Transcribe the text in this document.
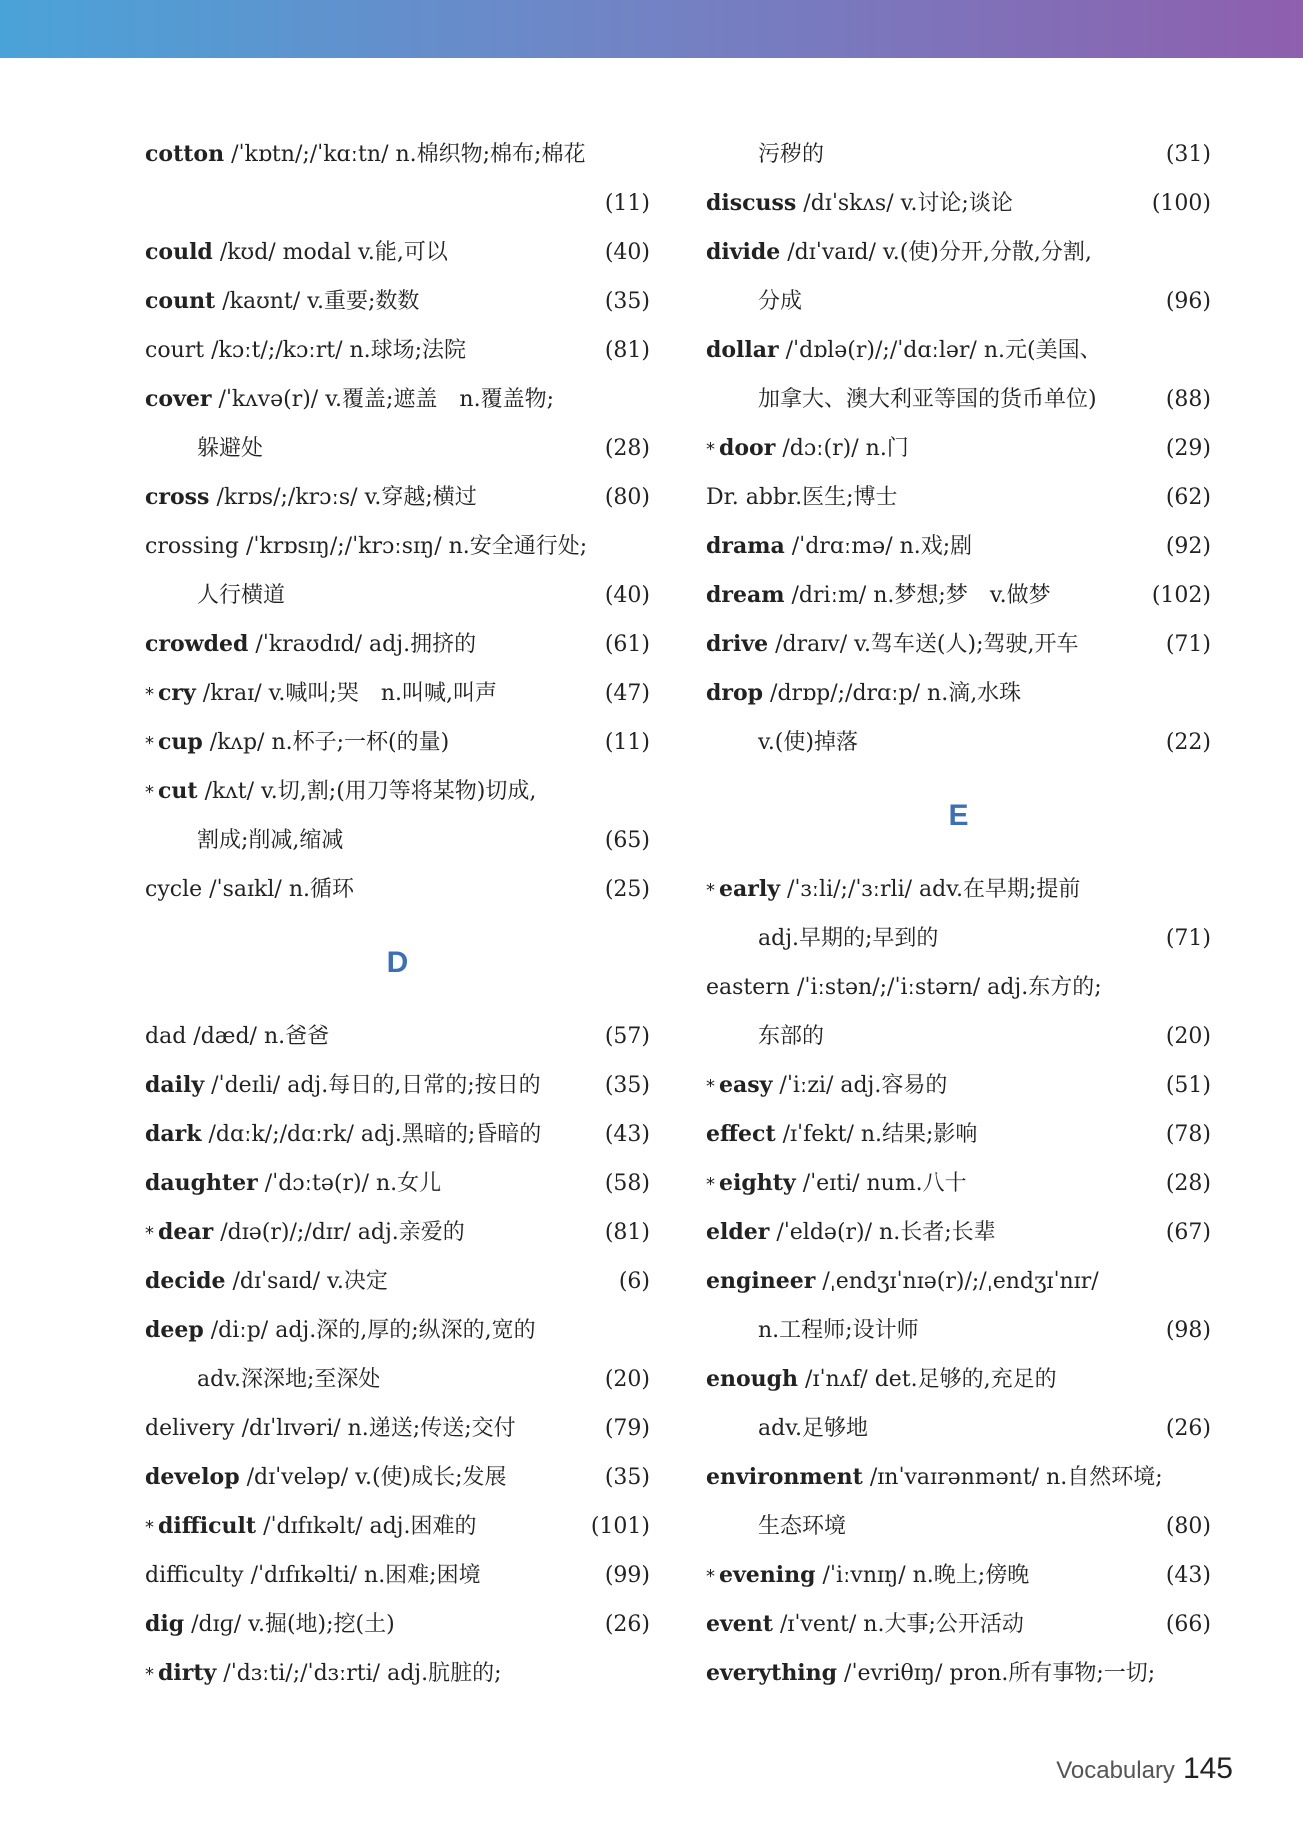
cotton /ˈkɒtn/;/ˈkɑːtn/ n.棉织物;棉布;棉花
(11)
could /kʊd/ modal v.能,可以	(40)
count /kaʊnt/ v.重要;数数	(35)
court /kɔːt/;/kɔːrt/ n.球场;法院	(81)
cover /ˈkʌvə(r)/ v.覆盖;遮盖　n.覆盖物;
躲避处	(28)
cross /krɒs/;/krɔːs/ v.穿越;横过	(80)
crossing /ˈkrɒsɪŋ/;/ˈkrɔːsɪŋ/ n.安全通行处;
人行横道	(40)
crowded /ˈkraʊdɪd/ adj.拥挤的	(61)
* cry /kraɪ/ v.喊叫;哭　n.叫喊,叫声	(47)
* cup /kʌp/ n.杯子;一杯(的量)	(11)
* cut /kʌt/ v.切,割;(用刀等将某物)切成,
割成;削减,缩减	(65)
cycle /ˈsaɪkl/ n.循环	(25)
D
dad /dæd/ n.爸爸	(57)
daily /ˈdeɪli/ adj.每日的,日常的;按日的	(35)
dark /dɑːk/;/dɑːrk/ adj.黑暗的;昏暗的	(43)
daughter /ˈdɔːtə(r)/ n.女儿	(58)
* dear /dɪə(r)/;/dɪr/ adj.亲爱的	(81)
decide /dɪˈsaɪd/ v.决定	(6)
deep /diːp/ adj.深的,厚的;纵深的,宽的
adv.深深地;至深处	(20)
delivery /dɪˈlɪvəri/ n.递送;传送;交付	(79)
develop /dɪˈveləp/ v.(使)成长;发展	(35)
* difficult /ˈdɪfɪkəlt/ adj.困难的	(101)
difficulty /ˈdɪfɪkəlti/ n.困难;困境	(99)
dig /dɪɡ/ v.掘(地);挖(土)	(26)
* dirty /ˈdɜːti/;/ˈdɜːrti/ adj.肮脏的;
污秽的	(31)
discuss /dɪˈskʌs/ v.讨论;谈论	(100)
divide /dɪˈvaɪd/ v.(使)分开,分散,分割,
分成	(96)
dollar /ˈdɒlə(r)/;/ˈdɑːlər/ n.元(美国、
加拿大、澳大利亚等国的货币单位)	(88)
* door /dɔː(r)/ n.门	(29)
Dr. abbr.医生;博士	(62)
drama /ˈdrɑːmə/ n.戏;剧	(92)
dream /driːm/ n.梦想;梦　v.做梦	(102)
drive /draɪv/ v.驾车送(人);驾驶,开车	(71)
drop /drɒp/;/drɑːp/ n.滴,水珠
v.(使)掉落	(22)
E
* early /ˈɜːli/;/ˈɜːrli/ adv.在早期;提前
adj.早期的;早到的	(71)
eastern /ˈiːstən/;/ˈiːstərn/ adj.东方的;
东部的	(20)
* easy /ˈiːzi/ adj.容易的	(51)
effect /ɪˈfekt/ n.结果;影响	(78)
* eighty /ˈeɪti/ num.八十	(28)
elder /ˈeldə(r)/ n.长者;长辈	(67)
engineer /ˌendʒɪˈnɪə(r)/;/ˌendʒɪˈnɪr/
n.工程师;设计师	(98)
enough /ɪˈnʌf/ det.足够的,充足的
adv.足够地	(26)
environment /ɪnˈvaɪrənmənt/ n.自然环境;
生态环境	(80)
* evening /ˈiːvnɪŋ/ n.晚上;傍晚	(43)
event /ɪˈvent/ n.大事;公开活动	(66)
everything /ˈevriθɪŋ/ pron.所有事物;一切;
Vocabulary 145
